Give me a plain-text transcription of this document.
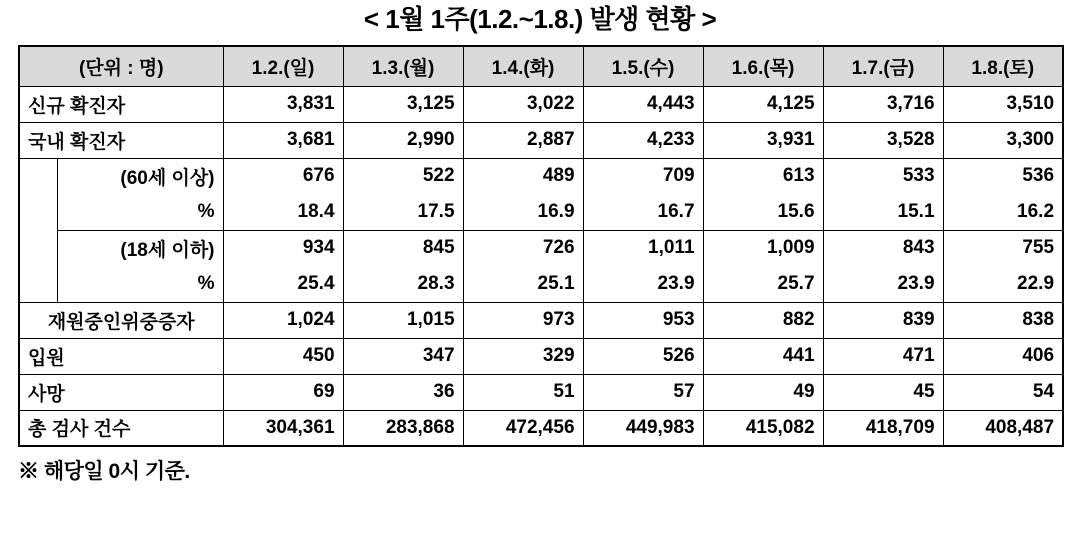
< 1월 1주(1.2.~1.8.) 발생 현황 >
(단위 : 명)		1.2.(일)	1.3.(월)	1.4.(화)	1.5.(수)	1.6.(목)	1.7.(금)	1.8.(토)
신규 확진자		3,831	3,125	3,022	4,443	4,125	3,716	3,510
국내 확진자		3,681	2,990	2,887	4,233	3,931	3,528	3,300
	(60세 이상)	676	522	489	709	613	533	536
	%	18.4	17.5	16.9	16.7	15.6	15.1	16.2
	(18세 이하)	934	845	726	1,011	1,009	843	755
	%	25.4	28.3	25.1	23.9	25.7	23.9	22.9
재원중인위중증자		1,024	1,015	973	953	882	839	838
입원		450	347	329	526	441	471	406
사망		69	36	51	57	49	45	54
총 검사 건수		304,361	283,868	472,456	449,983	415,082	418,709	408,487
※ 해당일 0시 기준.
